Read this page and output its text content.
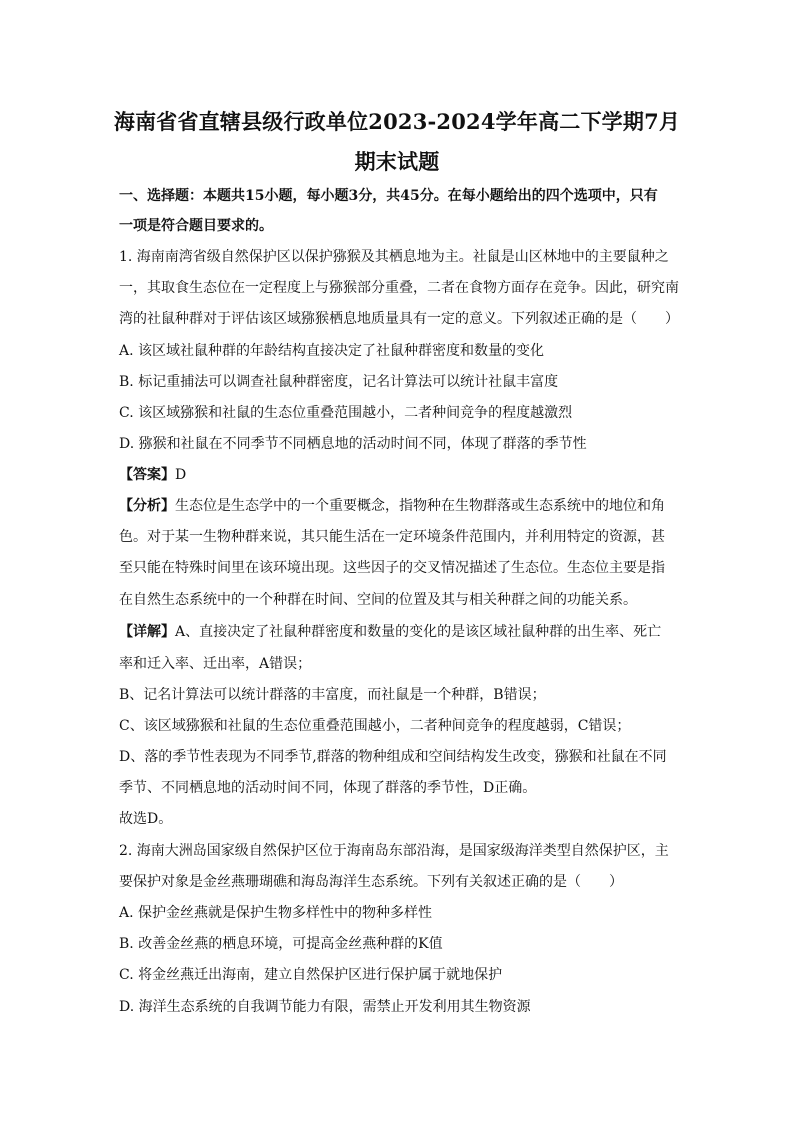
海南省省直辖县级行政单位2023-2024学年高二下学期7月
期末试题
一、选择题：本题共15小题，每小题3分，共45分。在每小题给出的四个选项中，只有
一项是符合题目要求的。
1. 海南南湾省级自然保护区以保护猕猴及其栖息地为主。社鼠是山区林地中的主要鼠种之
一，其取食生态位在一定程度上与猕猴部分重叠，二者在食物方面存在竞争。因此，研究南
湾的社鼠种群对于评估该区域猕猴栖息地质量具有一定的意义。下列叙述正确的是（　　）
A. 该区域社鼠种群的年龄结构直接决定了社鼠种群密度和数量的变化
B. 标记重捕法可以调查社鼠种群密度，记名计算法可以统计社鼠丰富度
C. 该区域猕猴和社鼠的生态位重叠范围越小，二者种间竞争的程度越激烈
D. 猕猴和社鼠在不同季节不同栖息地的活动时间不同，体现了群落的季节性
【答案】D
【分析】生态位是生态学中的一个重要概念，指物种在生物群落或生态系统中的地位和角
色。对于某一生物种群来说，其只能生活在一定环境条件范围内，并利用特定的资源，甚
至只能在特殊时间里在该环境出现。这些因子的交叉情况描述了生态位。生态位主要是指
在自然生态系统中的一个种群在时间、空间的位置及其与相关种群之间的功能关系。
【详解】A、直接决定了社鼠种群密度和数量的变化的是该区域社鼠种群的出生率、死亡
率和迁入率、迁出率，A错误；
B、记名计算法可以统计群落的丰富度，而社鼠是一个种群，B错误；
C、该区域猕猴和社鼠的生态位重叠范围越小，二者种间竞争的程度越弱，C错误；
D、落的季节性表现为不同季节,群落的物种组成和空间结构发生改变，猕猴和社鼠在不同
季节、不同栖息地的活动时间不同，体现了群落的季节性，D正确。
故选D。
2. 海南大洲岛国家级自然保护区位于海南岛东部沿海，是国家级海洋类型自然保护区，主
要保护对象是金丝燕珊瑚礁和海岛海洋生态系统。下列有关叙述正确的是（　　）
A. 保护金丝燕就是保护生物多样性中的物种多样性
B. 改善金丝燕的栖息环境，可提高金丝燕种群的K值
C. 将金丝燕迁出海南，建立自然保护区进行保护属于就地保护
D. 海洋生态系统的自我调节能力有限，需禁止开发利用其生物资源
